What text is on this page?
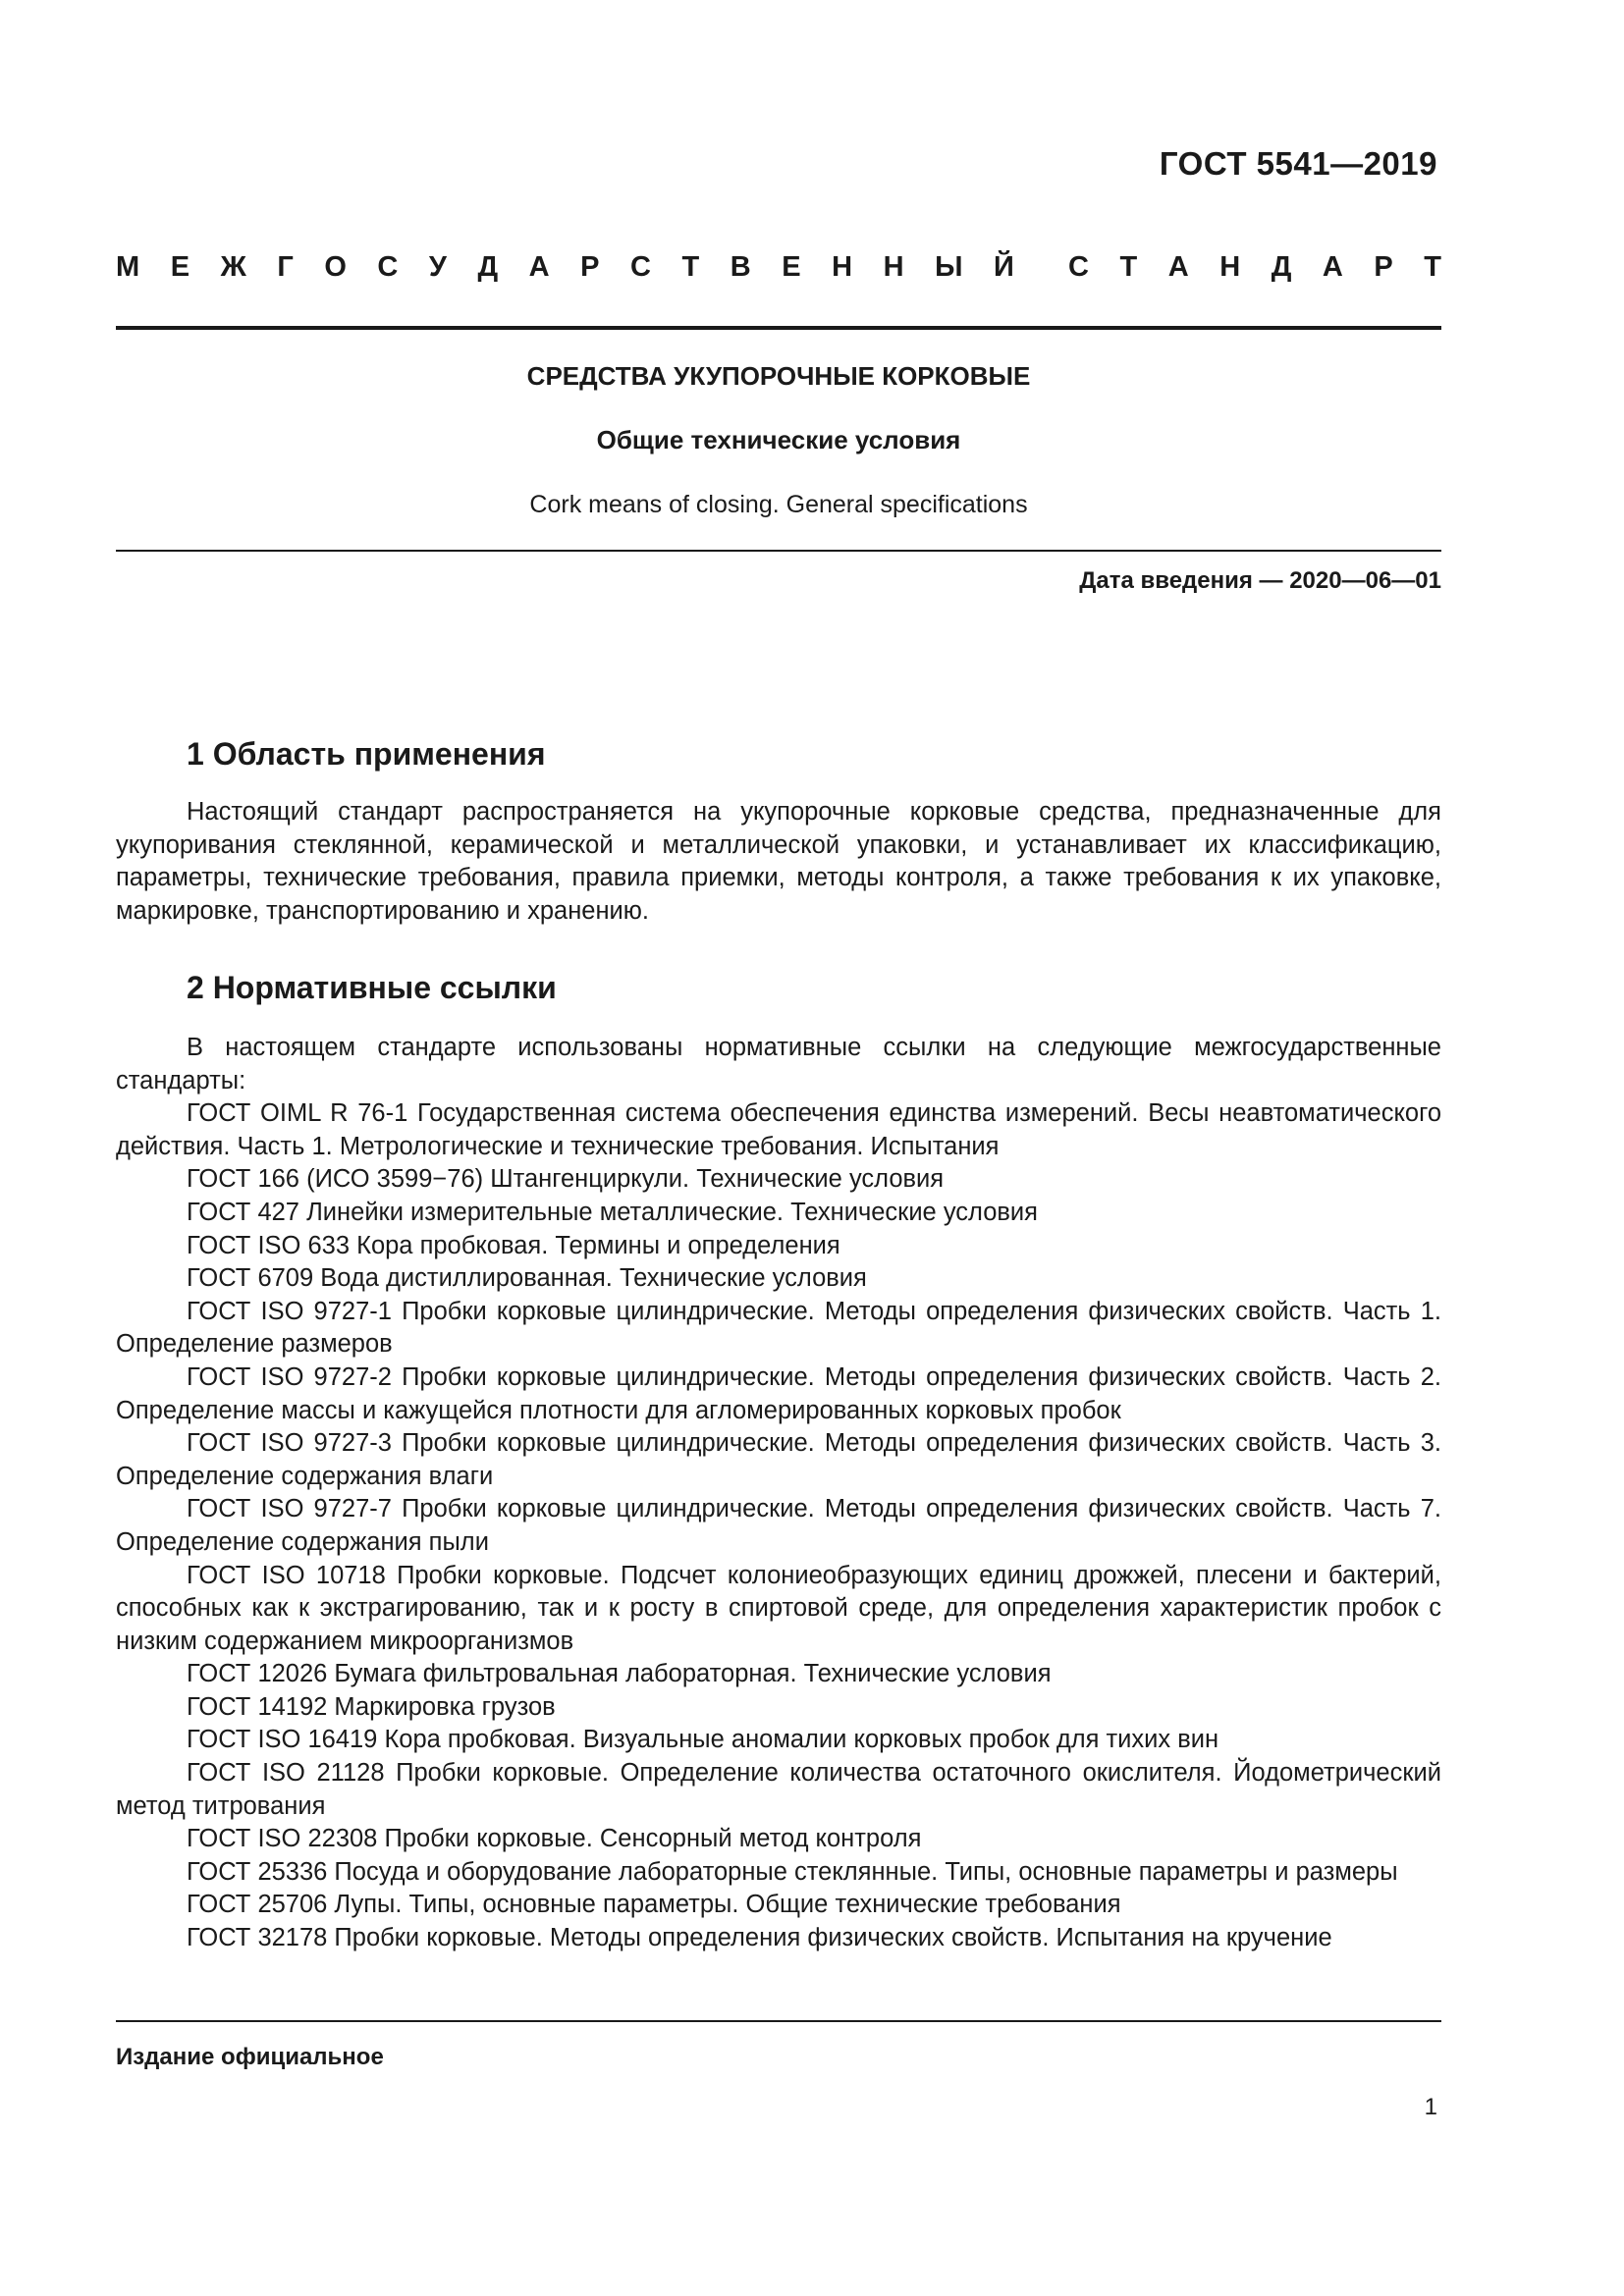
ГОСТ 5541—2019
М Е Ж Г О С У Д А Р С Т В Е Н Н Ы Й С Т А Н Д А Р Т
СРЕДСТВА УКУПОРОЧНЫЕ КОРКОВЫЕ
Общие технические условия
Cork means of closing. General specifications
Дата введения — 2020—06—01
1 Область применения

Настоящий стандарт распространяется на укупорочные корковые средства, предназначенные для укупоривания стеклянной, керамической и металлической упаковки, и устанавливает их классификацию, параметры, технические требования, правила приемки, методы контроля, а также требования к их упаковке, маркировке, транспортированию и хранению.

2 Нормативные ссылки

В настоящем стандарте использованы нормативные ссылки на следующие межгосударственные стандарты:

ГОСТ OIML R 76-1 Государственная система обеспечения единства измерений. Весы неавтоматического действия. Часть 1. Метрологические и технические требования. Испытания

ГОСТ 166 (ИСО 3599−76) Штангенциркули. Технические условия

ГОСТ 427 Линейки измерительные металлические. Технические условия

ГОСТ ISO 633 Кора пробковая. Термины и определения

ГОСТ 6709 Вода дистиллированная. Технические условия

ГОСТ ISO 9727-1 Пробки корковые цилиндрические. Методы определения физических свойств. Часть 1. Определение размеров

ГОСТ ISO 9727-2 Пробки корковые цилиндрические. Методы определения физических свойств. Часть 2. Определение массы и кажущейся плотности для агломерированных корковых пробок

ГОСТ ISO 9727-3 Пробки корковые цилиндрические. Методы определения физических свойств. Часть 3. Определение содержания влаги

ГОСТ ISO 9727-7 Пробки корковые цилиндрические. Методы определения физических свойств. Часть 7. Определение содержания пыли

ГОСТ ISO 10718 Пробки корковые. Подсчет колониеобразующих единиц дрожжей, плесени и бактерий, способных как к экстрагированию, так и к росту в спиртовой среде, для определения характеристик пробок с низким содержанием микроорганизмов

ГОСТ 12026 Бумага фильтровальная лабораторная. Технические условия

ГОСТ 14192 Маркировка грузов

ГОСТ ISO 16419 Кора пробковая. Визуальные аномалии корковых пробок для тихих вин

ГОСТ ISO 21128 Пробки корковые. Определение количества остаточного окислителя. Йодометрический метод титрования

ГОСТ ISO 22308 Пробки корковые. Сенсорный метод контроля

ГОСТ 25336 Посуда и оборудование лабораторные стеклянные. Типы, основные параметры и размеры

ГОСТ 25706 Лупы. Типы, основные параметры. Общие технические требования

ГОСТ 32178 Пробки корковые. Методы определения физических свойств. Испытания на кручение

Издание официальное
1
